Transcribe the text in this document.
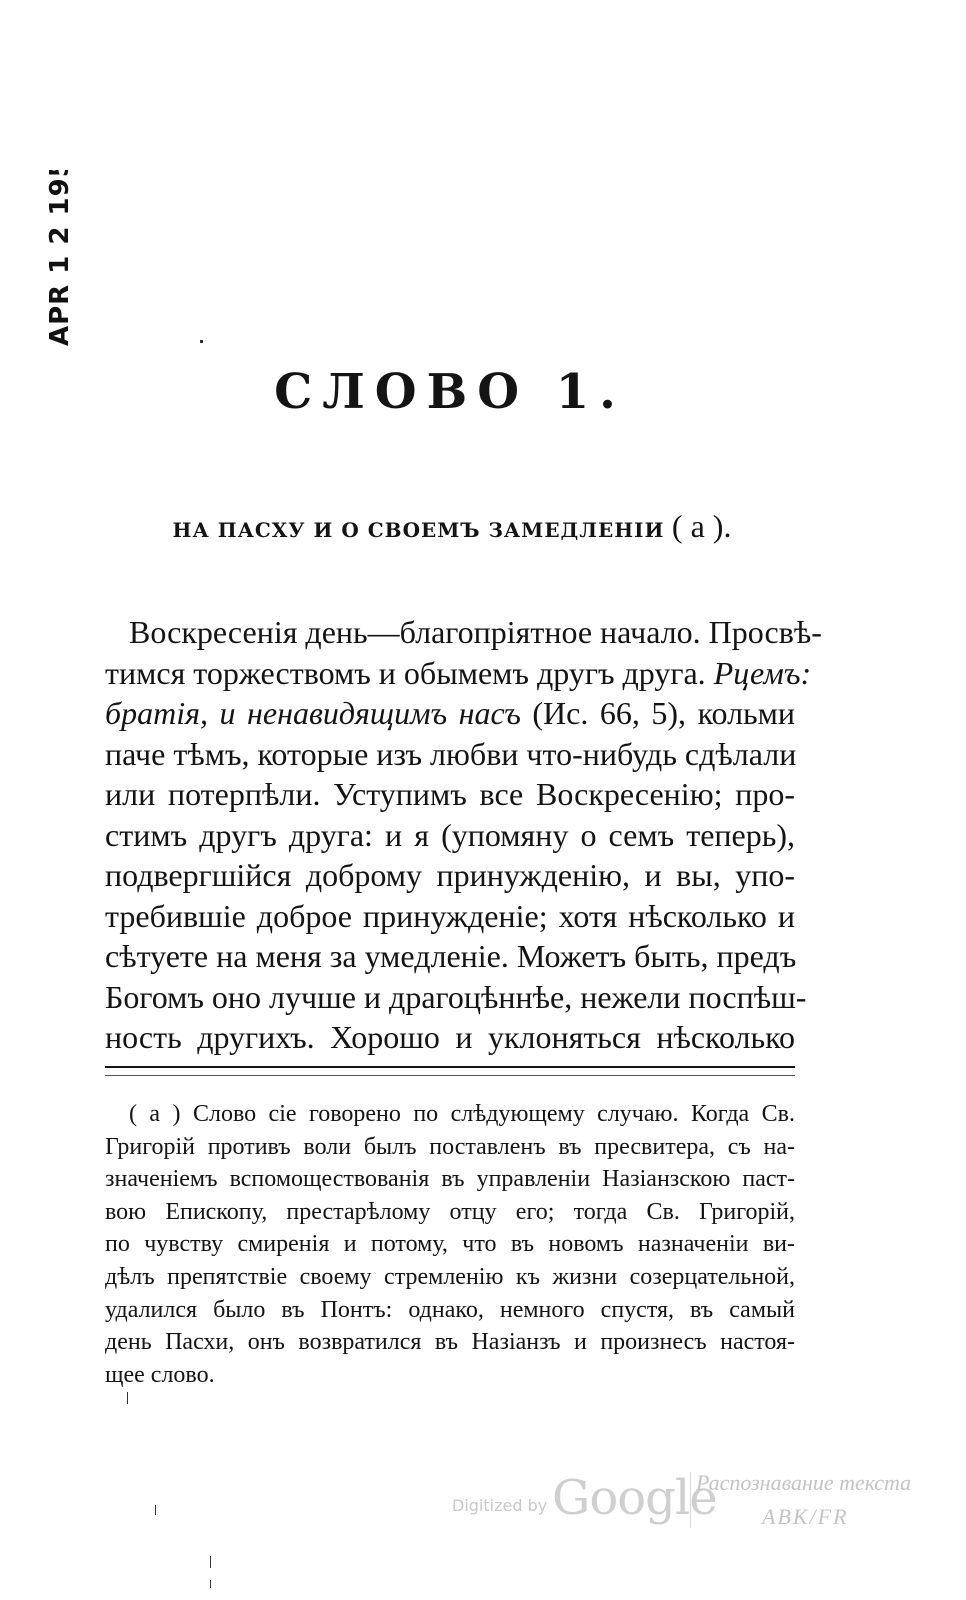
APR 1 2 1954
СЛОВО 1.
НА ПАСХУ И О СВОЕМЪ ЗАМЕДЛЕНІИ ( а ).
Воскресенія день—благопріятное начало. Просвѣ-
тимся торжествомъ и обымемъ другъ друга. Рцемъ:
братія, и ненавидящимъ насъ (Ис. 66, 5), кольми
паче тѣмъ, которые изъ любви что-нибудь сдѣлали
или потерпѣли. Уступимъ все Воскресенію; про-
стимъ другъ друга: и я (упомяну о семъ теперь),
подвергшійся доброму принужденію, и вы, упо-
требившіе доброе принужденіе; хотя нѣсколько и
сѣтуете на меня за умедленіе. Можетъ быть, предъ
Богомъ оно лучше и драгоцѣннѣе, нежели поспѣш-
ность другихъ. Хорошо и уклоняться нѣсколько
( а ) Слово сіе говорено по слѣдующему случаю. Когда Св.
Григорій противъ воли былъ поставленъ въ пресвитера, съ на-
значеніемъ вспомоществованія въ управленіи Назіанзскою паст-
вою Епископу, престарѣлому отцу его; тогда Св. Григорій,
по чувству смиренія и потому, что въ новомъ назначеніи ви-
дѣлъ препятствіе своему стремленію къ жизни созерцательной,
удалился было въ Понтъ: однако, немного спустя, въ самый
день Пасхи, онъ возвратился въ Назіанзъ и произнесъ настоя-
щее слово.
Digitized by Google
Распознавание текста
ABK/FR
